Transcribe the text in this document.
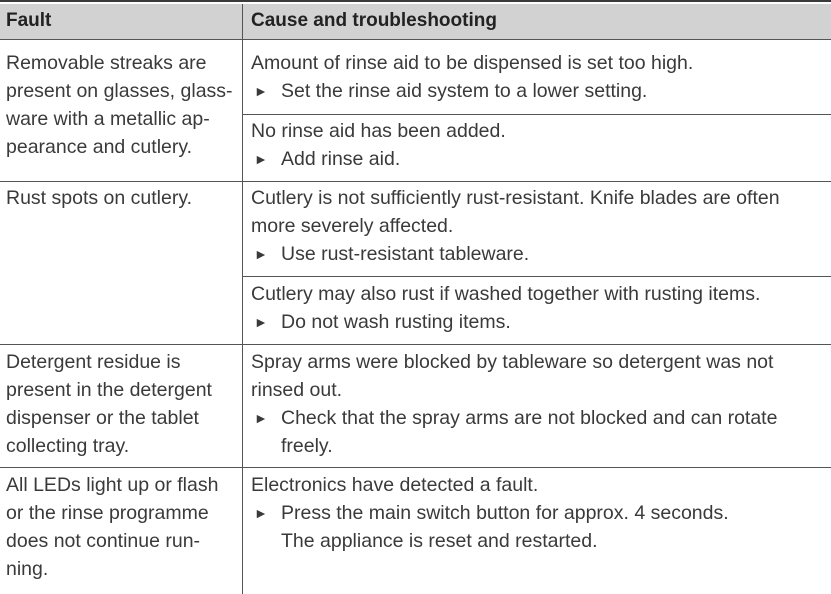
Fault	Cause and troubleshooting
Removable streaks are
present on glasses, glass-
ware with a metallic ap-
pearance and cutlery.
Amount of rinse aid to be dispensed is set too high.
► Set the rinse aid system to a lower setting.
No rinse aid has been added.
► Add rinse aid.
Rust spots on cutlery.	Cutlery is not sufficiently rust-resistant. Knife blades are often
more severely affected.
► Use rust-resistant tableware.
Cutlery may also rust if washed together with rusting items.
► Do not wash rusting items.
Detergent residue is
present in the detergent
dispenser or the tablet
collecting tray.
Spray arms were blocked by tableware so detergent was not
rinsed out.
► Check that the spray arms are not blocked and can rotate
freely.
All LEDs light up or flash
or the rinse programme
does not continue run-
ning.
Electronics have detected a fault.
► Press the main switch button for approx. 4 seconds.
The appliance is reset and restarted.
